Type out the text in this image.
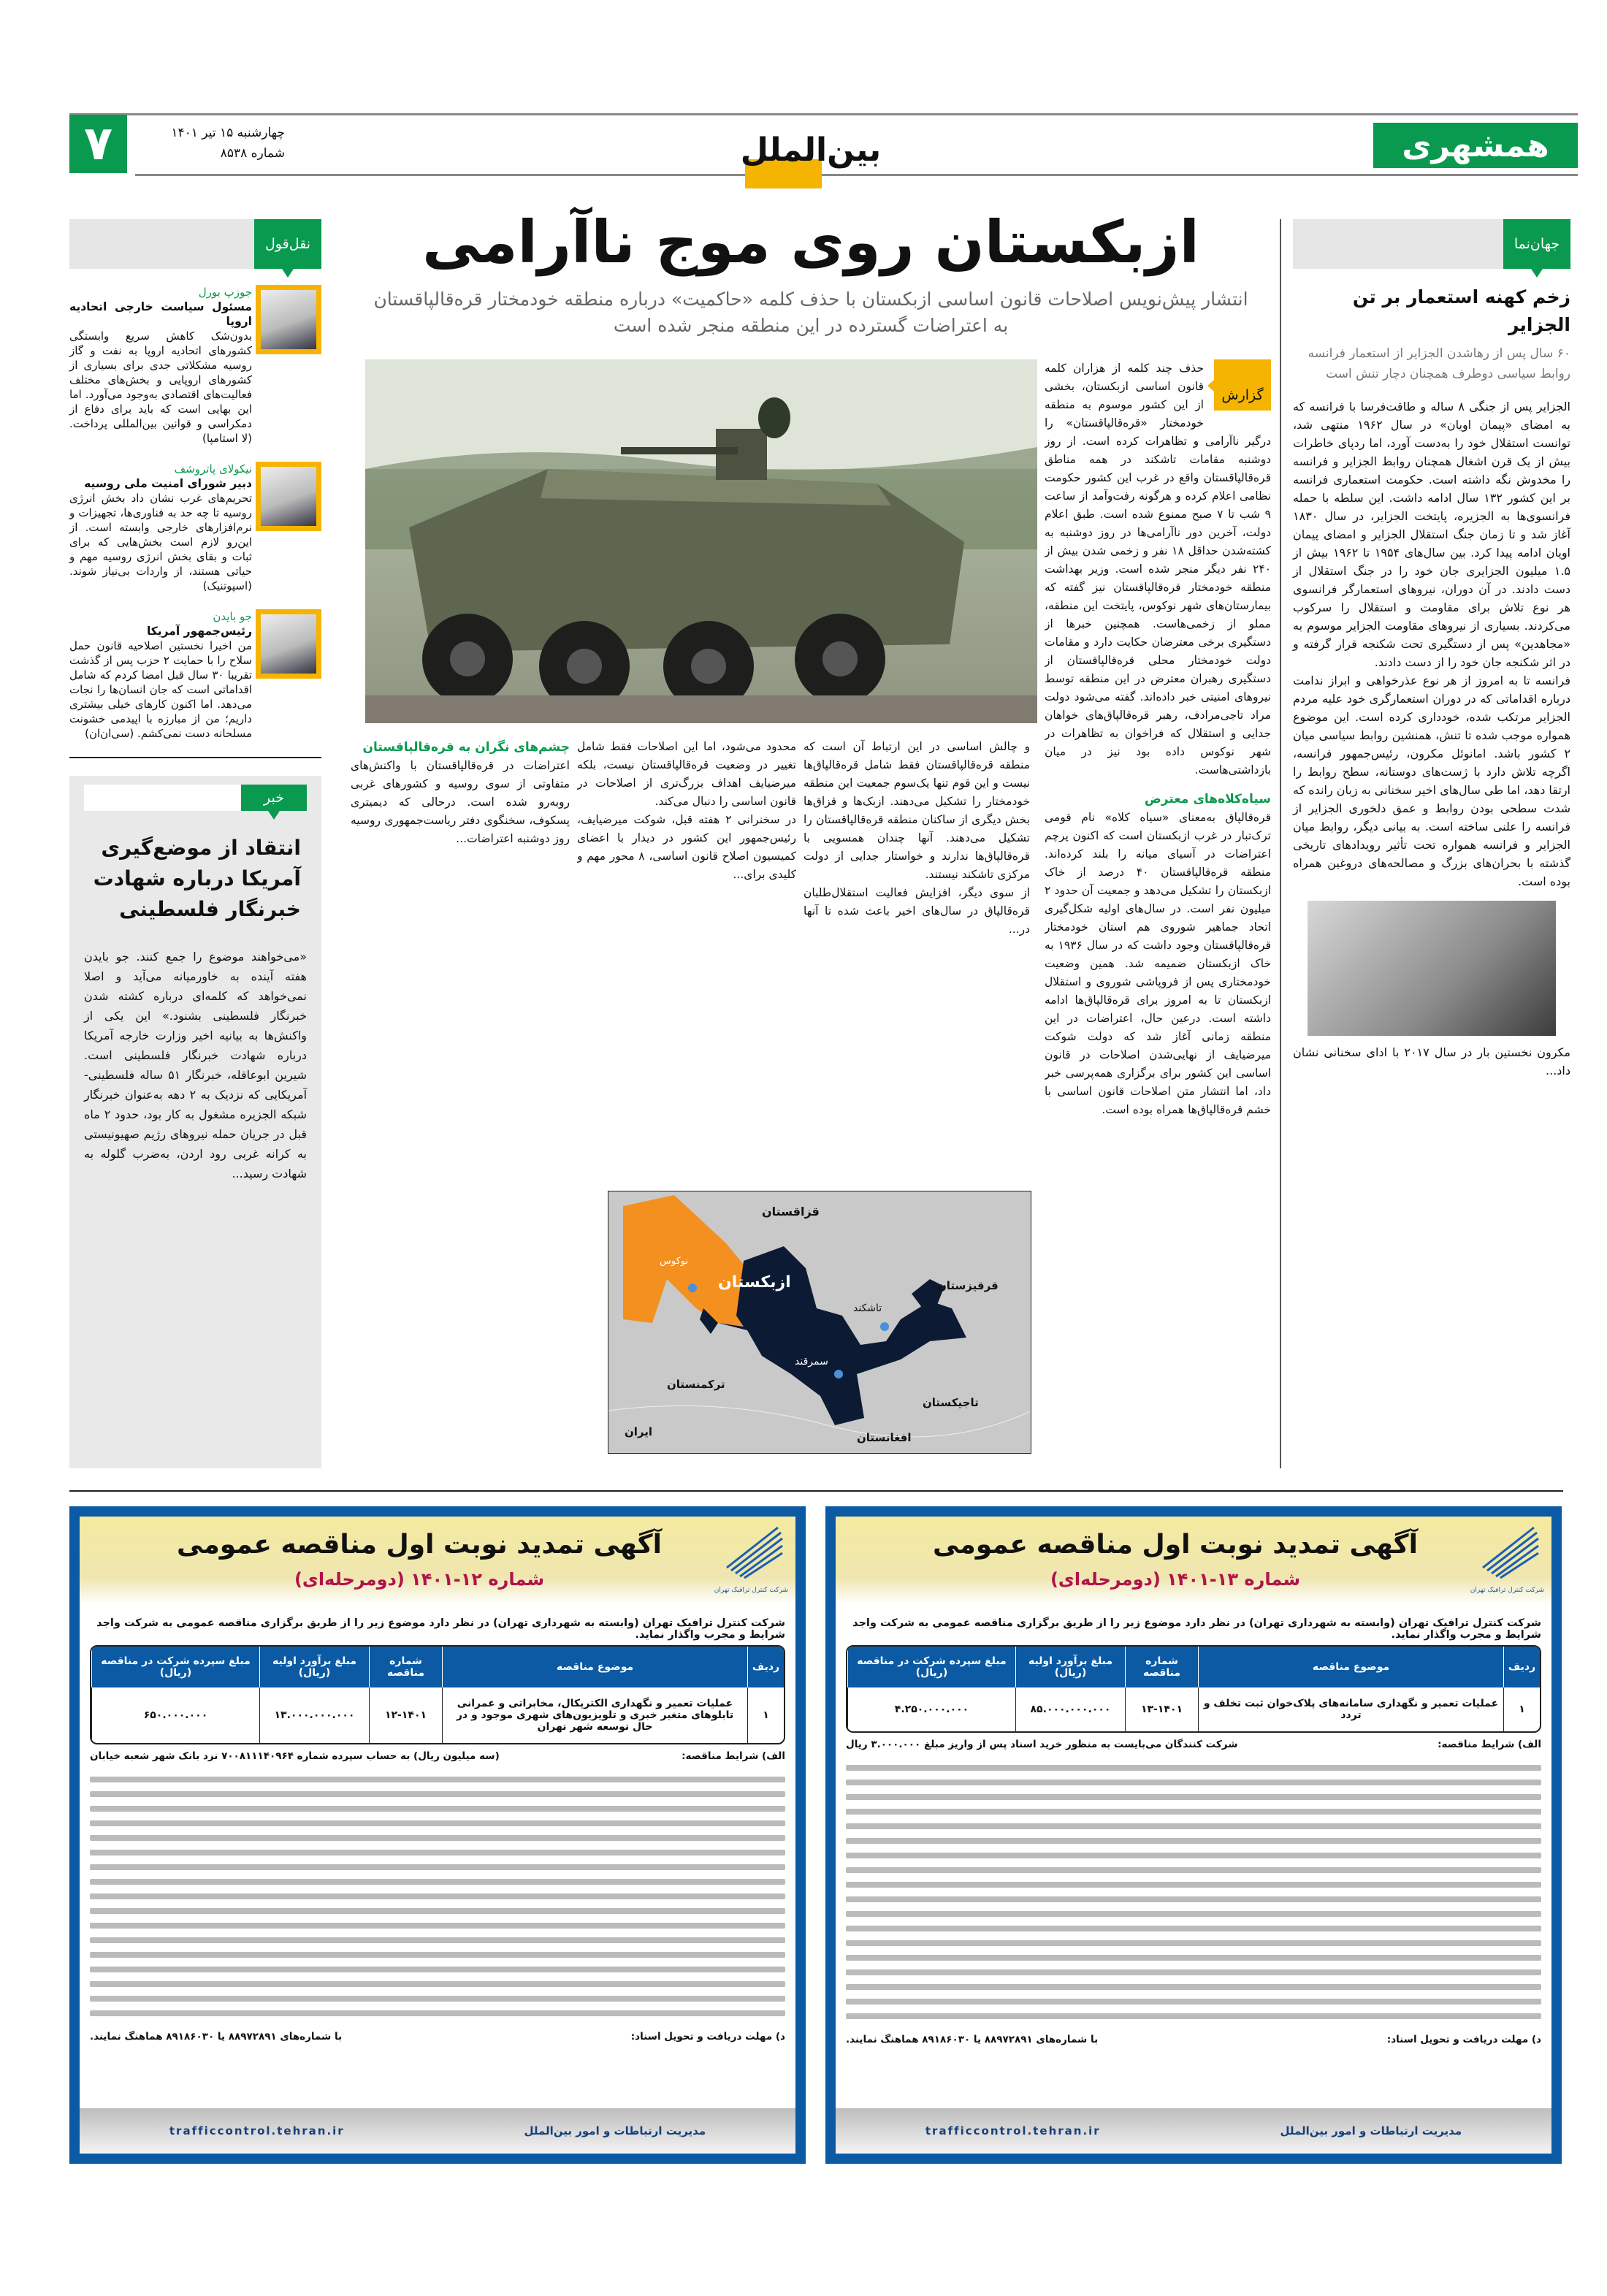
۷	چهارشنبه ۱۵ تیر ۱۴۰۱
شماره ۸۵۳۸	بین‌الملل	همشهری
نقل‌قول
جوزپ بورل
مسئول سیاست خارجی اتحادیه اروپا
بدون‌شک کاهش سریع وابستگی کشورهای اتحادیه اروپا به نفت و گاز روسیه مشکلاتی جدی برای بسیاری از کشورهای اروپایی و بخش‌های مختلف فعالیت‌های اقتصادی به‌وجود می‌آورد. اما این بهایی است که باید برای دفاع از دمکراسی و قوانین بین‌المللی پرداخت. (لا استامپا)
نیکولای پاتروشف
دبیر شورای امنیت ملی روسیه
تحریم‌های غرب نشان داد بخش انرژی روسیه تا چه حد به فناوری‌ها، تجهیزات و نرم‌افزارهای خارجی وابسته است. از این‌رو لازم است بخش‌هایی که برای ثبات و بقای بخش انرژی روسیه مهم و حیاتی هستند، از واردات بی‌نیاز شوند. (اسپوتنیک)
جو بایدن
رئیس‌جمهور آمریکا
من اخیرا نخستین اصلاحیه قانون حمل سلاح را با حمایت ۲ حزب پس از گذشت تقریبا ۳۰ سال قبل امضا کردم که شامل اقداماتی است که جان انسان‌ها را نجات می‌دهد. اما اکنون کارهای خیلی بیشتری داریم؛ من از مبارزه با اپیدمی خشونت مسلحانه دست نمی‌کشم. (سی‌ان‌ان)
خبر
انتقاد از موضع‌گیری آمریکا درباره شهادت خبرنگار فلسطینی
«می‌خواهند موضوع را جمع کنند. جو بایدن هفته آینده به خاورمیانه می‌آید و اصلا نمی‌خواهد که کلمه‌ای درباره کشته شدن خبرنگار فلسطینی بشنود.» این یکی از واکنش‌ها به بیانیه اخیر وزارت خارجه آمریکا درباره شهادت خبرنگار فلسطینی است. شیرین ابوعاقله، خبرنگار ۵۱ ساله فلسطینی-آمریکایی که نزدیک به ۲ دهه به‌عنوان خبرنگار شبکه الجزیره مشغول به کار بود، حدود ۲ ماه قبل در جریان حمله نیروهای رژیم صهیونیستی به کرانه غربی رود اردن، به‌ضرب گلوله به شهادت رسید...
ازبکستان روی موج ناآرامی
انتشار پیش‌نویس اصلاحات قانون اساسی ازبکستان با حذف کلمه «حاکمیت» درباره منطقه خودمختار قره‌قالپاقستان به اعتراضات گسترده در این منطقه منجر شده است
گزارش

حذف چند کلمه از هزاران کلمه قانون اساسی ازبکستان، بخشی از این کشور موسوم به منطقه خودمختار «قره‌قالپاقستان» را درگیر ناآرامی و تظاهرات کرده است. از روز دوشنبه مقامات تاشکند در همه مناطق قره‌قالپاقستان واقع در غرب این کشور حکومت نظامی اعلام کرده و هرگونه رفت‌وآمد از ساعت ۹ شب تا ۷ صبح ممنوع شده است. طبق اعلام دولت، آخرین دور ناآرامی‌ها در روز دوشنبه به کشته‌شدن حداقل ۱۸ نفر و زخمی شدن بیش از ۲۴۰ نفر دیگر منجر شده است. وزیر بهداشت منطقه خودمختار قره‌قالپاقستان نیز گفته که بیمارستان‌های شهر نوکوس، پایتخت این منطقه، مملو از زخمی‌هاست. همچنین خبرها از دستگیری برخی معترضان حکایت دارد و مقامات دولت خودمختار محلی قره‌قالپاقستان از دستگیری رهبران معترض در این منطقه توسط نیروهای امنیتی خبر داده‌اند. گفته می‌شود دولت مراد تاجی‌مرادف، رهبر قره‌قالپاق‌های خواهان جدایی و استقلال که فراخوان به تظاهرات در شهر نوکوس داده بود نیز در میان بازداشتی‌هاست.

سیاه‌کلاه‌های معترض

قره‌قالپاق به‌معنای «سیاه کلاه» نام قومی ترک‌تبار در غرب ازبکستان است که اکنون پرچم اعتراضات در آسیای میانه را بلند کرده‌اند. منطقه قره‌قالپاقستان ۴۰ درصد از خاک ازبکستان را تشکیل می‌دهد و جمعیت آن حدود ۲ میلیون نفر است. در سال‌های اولیه شکل‌گیری اتحاد جماهیر شوروی هم استان خودمختار قره‌قالپاقستان وجود داشت که در سال ۱۹۳۶ به خاک ازبکستان ضمیمه شد. همین وضعیت خودمختاری پس از فروپاشی شوروی و استقلال ازبکستان تا به امروز برای قره‌قالپاق‌ها ادامه داشته است. درعین حال، اعتراضات در این منطقه زمانی آغاز شد که دولت شوکت میرضیایف از نهایی‌شدن اصلاحات در قانون اساسی این کشور برای برگزاری همه‌پرسی خبر داد، اما انتشار متن اصلاحات قانون اساسی با خشم قره‌قالپاق‌ها همراه بوده است.

و چالش اساسی در این ارتباط آن است که منطقه قره‌قالپاقستان فقط شامل قره‌قالپاق‌ها نیست و این قوم تنها یک‌سوم جمعیت این منطقه خودمختار را تشکیل می‌دهند. ازبک‌ها و قزاق‌ها بخش دیگری از ساکنان منطقه قره‌قالپاقستان را تشکیل می‌دهند. آنها چندان همسویی با قره‌قالپاق‌ها ندارند و خواستار جدایی از دولت مرکزی تاشکند نیستند.

از سوی دیگر، افزایش فعالیت استقلال‌طلبان قره‌قالپاق در سال‌های اخیر باعث شده تا آنها در...

محدود می‌شود، اما این اصلاحات فقط شامل تغییر در وضعیت قره‌قالپاقستان نیست، بلکه میرضیایف اهداف بزرگ‌تری از اصلاحات در قانون اساسی را دنبال می‌کند.

در سخنرانی ۲ هفته قبل، شوکت میرضیایف، رئیس‌جمهور این کشور در دیدار با اعضای کمیسیون اصلاح قانون اساسی، ۸ محور مهم و کلیدی برای...

چشم‌های نگران به قره‌قالپاقستان

اعتراضات در قره‌قالپاقستان با واکنش‌های متفاوتی از سوی روسیه و کشورهای غربی روبه‌رو شده است. درحالی که دیمیتری پسکوف، سخنگوی دفتر ریاست‌جمهوری روسیه روز دوشنبه اعتراضات...

قزاقستان
ازبکستان
نوکوس
تاشکند
قرقیزستان
سمرقند
ترکمنستان
تاجیکستان
افغانستان
ایران
جهان‌نما
زخم کهنه استعمار بر تن الجزایر
۶۰ سال پس از رهاشدن الجزایر از استعمار فرانسه روابط سیاسی دوطرف همچنان دچار تنش است

الجزایر پس از جنگی ۸ ساله و طاقت‌فرسا با فرانسه که به امضای «پیمان اویان» در سال ۱۹۶۲ منتهی شد، توانست استقلال خود را به‌دست آورد، اما ردپای خاطرات بیش از یک قرن اشغال همچنان روابط الجزایر و فرانسه را مخدوش نگه داشته است. حکومت استعماری فرانسه بر این کشور ۱۳۲ سال ادامه داشت. این سلطه با حمله فرانسوی‌ها به الجزیره، پایتخت الجزایر، در سال ۱۸۳۰ آغاز شد و تا زمان جنگ استقلال الجزایر و امضای پیمان اویان ادامه پیدا کرد. بین سال‌های ۱۹۵۴ تا ۱۹۶۲ بیش از ۱.۵ میلیون الجزایری جان خود را در جنگ استقلال از دست دادند. در آن دوران، نیروهای استعمارگر فرانسوی هر نوع تلاش برای مقاومت و استقلال را سرکوب می‌کردند. بسیاری از نیروهای مقاومت الجزایر موسوم به «مجاهدین» پس از دستگیری تحت شکنجه قرار گرفته و در اثر شکنجه جان خود را از دست دادند.

فرانسه تا به امروز از هر نوع عذرخواهی و ابراز ندامت درباره اقداماتی که در دوران استعمارگری خود علیه مردم الجزایر مرتکب شده، خودداری کرده است. این موضوع همواره موجب شده تا تنش، همنشین روابط سیاسی میان ۲ کشور باشد. امانوئل مکرون، رئیس‌جمهور فرانسه، اگرچه تلاش دارد با ژست‌های دوستانه، سطح روابط را ارتقا دهد، اما طی سال‌های اخیر سخنانی به زبان رانده که شدت سطحی بودن روابط و عمق دلخوری الجزایر از فرانسه را علنی ساخته است. به بیانی دیگر، روابط میان الجزایر و فرانسه همواره تحت تأثیر رویدادهای تاریخی گذشته با بحران‌های بزرگ و مصالحه‌های دروغین همراه بوده است.

مکرون نخستین بار در سال ۲۰۱۷ با ادای سخنانی نشان داد...
شرکت کنترل ترافیک تهران
آگهی تمدید نوبت اول مناقصه عمومی
شماره ۱۳-۱۴۰۱ (دومرحله‌ای)
شرکت کنترل ترافیک تهران (وابسته به شهرداری تهران) در نظر دارد موضوع زیر را از طریق برگزاری مناقصه عمومی به شرکت واجد شرایط و مجرب واگذار نماید.
ردیف	موضوع مناقصه	شماره مناقصه	مبلغ برآورد اولیه (ریال)	مبلغ سپرده شرکت در مناقصه (ریال)
۱	عملیات تعمیر و نگهداری سامانه‌های پلاک‌خوان ثبت تخلف و تردد	۱۳-۱۴۰۱	۸۵.۰۰۰.۰۰۰.۰۰۰	۴.۲۵۰.۰۰۰.۰۰۰
الف) شرایط مناقصه:
شرکت کنندگان می‌بایست به منظور خرید اسناد پس از واریز مبلغ ۳.۰۰۰.۰۰۰ ریال
د) مهلت دریافت و تحویل اسناد:
با شماره‌های ۸۸۹۷۲۸۹۱ یا ۸۹۱۸۶۰۳۰ هماهنگ نمایند.
مدیریت ارتباطات و امور بین‌الملل
trafficcontrol.tehran.ir
شرکت کنترل ترافیک تهران
آگهی تمدید نوبت اول مناقصه عمومی
شماره ۱۲-۱۴۰۱ (دومرحله‌ای)
شرکت کنترل ترافیک تهران (وابسته به شهرداری تهران) در نظر دارد موضوع زیر را از طریق برگزاری مناقصه عمومی به شرکت واجد شرایط و مجرب واگذار نماید.
ردیف	موضوع مناقصه	شماره مناقصه	مبلغ برآورد اولیه (ریال)	مبلغ سپرده شرکت در مناقصه (ریال)
۱	عملیات تعمیر و نگهداری الکتریکال، مخابراتی و عمرانی تابلوهای متغیر خبری و تلویزیون‌های شهری موجود و در حال توسعه شهر تهران	۱۲-۱۴۰۱	۱۳.۰۰۰.۰۰۰.۰۰۰	۶۵۰.۰۰۰.۰۰۰
الف) شرایط مناقصه:
(سه میلیون ریال) به حساب سپرده شماره ۷۰۰۸۱۱۱۴۰۹۶۴ نزد بانک شهر شعبه خیابان
د) مهلت دریافت و تحویل اسناد:
با شماره‌های ۸۸۹۷۲۸۹۱ یا ۸۹۱۸۶۰۳۰ هماهنگ نمایند.
مدیریت ارتباطات و امور بین‌الملل
trafficcontrol.tehran.ir
